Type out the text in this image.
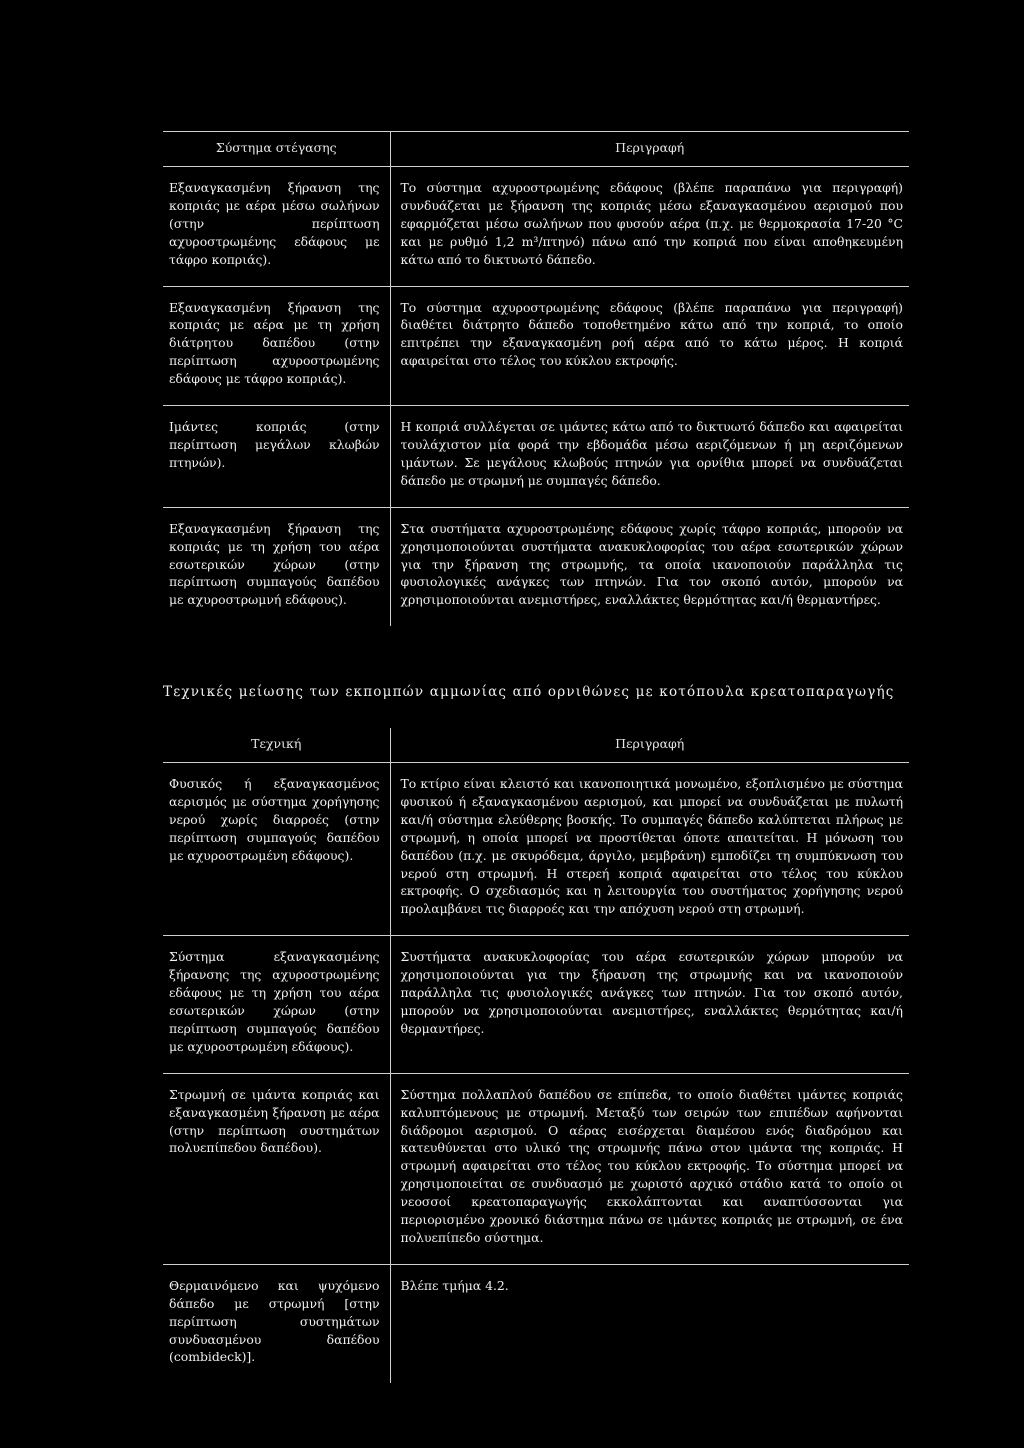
Σύστημα στέγασης	Περιγραφή
Εξαναγκασμένη ξήρανση της κοπριάς με αέρα μέσω σωλήνων (στην περίπτωση αχυροστρωμένης εδάφους με τάφρο κοπριάς).	Το σύστημα αχυροστρωμένης εδάφους (βλέπε παραπάνω για περιγραφή) συνδυάζεται με ξήρανση της κοπριάς μέσω εξαναγκασμένου αερισμού που εφαρμόζεται μέσω σωλήνων που φυσούν αέρα (π.χ. με θερμοκρασία 17-20 °C και με ρυθμό 1,2 m³/πτηνό) πάνω από την κοπριά που είναι αποθηκευμένη κάτω από το δικτυωτό δάπεδο.
Εξαναγκασμένη ξήρανση της κοπριάς με αέρα με τη χρήση διάτρητου δαπέδου (στην περίπτωση αχυροστρωμένης εδάφους με τάφρο κοπριάς).	Το σύστημα αχυροστρωμένης εδάφους (βλέπε παραπάνω για περιγραφή) διαθέτει διάτρητο δάπεδο τοποθετημένο κάτω από την κοπριά, το οποίο επιτρέπει την εξαναγκασμένη ροή αέρα από το κάτω μέρος. Η κοπριά αφαιρείται στο τέλος του κύκλου εκτροφής.
Ιμάντες κοπριάς (στην περίπτωση μεγάλων κλωβών πτηνών).	Η κοπριά συλλέγεται σε ιμάντες κάτω από το δικτυωτό δάπεδο και αφαιρείται τουλάχιστον μία φορά την εβδομάδα μέσω αεριζόμενων ή μη αεριζόμενων ιμάντων. Σε μεγάλους κλωβούς πτηνών για ορνίθια μπορεί να συνδυάζεται δάπεδο με στρωμνή με συμπαγές δάπεδο.
Εξαναγκασμένη ξήρανση της κοπριάς με τη χρήση του αέρα εσωτερικών χώρων (στην περίπτωση συμπαγούς δαπέδου με αχυροστρωμνή εδάφους).	Στα συστήματα αχυροστρωμένης εδάφους χωρίς τάφρο κοπριάς, μπορούν να χρησιμοποιούνται συστήματα ανακυκλοφορίας του αέρα εσωτερικών χώρων για την ξήρανση της στρωμνής, τα οποία ικανοποιούν παράλληλα τις φυσιολογικές ανάγκες των πτηνών. Για τον σκοπό αυτόν, μπορούν να χρησιμοποιούνται ανεμιστήρες, εναλλάκτες θερμότητας και/ή θερμαντήρες.
Τεχνικές μείωσης των εκπομπών αμμωνίας από ορνιθώνες με κοτόπουλα κρεατοπαραγωγής
Τεχνική	Περιγραφή
Φυσικός ή εξαναγκασμένος αερισμός με σύστημα χορήγησης νερού χωρίς διαρροές (στην περίπτωση συμπαγούς δαπέδου με αχυροστρωμένη εδάφους).	Το κτίριο είναι κλειστό και ικανοποιητικά μονωμένο, εξοπλισμένο με σύστημα φυσικού ή εξαναγκασμένου αερισμού, και μπορεί να συνδυάζεται με πυλωτή και/ή σύστημα ελεύθερης βοσκής. Το συμπαγές δάπεδο καλύπτεται πλήρως με στρωμνή, η οποία μπορεί να προστίθεται όποτε απαιτείται. Η μόνωση του δαπέδου (π.χ. με σκυρόδεμα, άργιλο, μεμβράνη) εμποδίζει τη συμπύκνωση του νερού στη στρωμνή. Η στερεή κοπριά αφαιρείται στο τέλος του κύκλου εκτροφής. Ο σχεδιασμός και η λειτουργία του συστήματος χορήγησης νερού προλαμβάνει τις διαρροές και την απόχυση νερού στη στρωμνή.
Σύστημα εξαναγκασμένης ξήρανσης της αχυροστρωμένης εδάφους με τη χρήση του αέρα εσωτερικών χώρων (στην περίπτωση συμπαγούς δαπέδου με αχυροστρωμένη εδάφους).	Συστήματα ανακυκλοφορίας του αέρα εσωτερικών χώρων μπορούν να χρησιμοποιούνται για την ξήρανση της στρωμνής και να ικανοποιούν παράλληλα τις φυσιολογικές ανάγκες των πτηνών. Για τον σκοπό αυτόν, μπορούν να χρησιμοποιούνται ανεμιστήρες, εναλλάκτες θερμότητας και/ή θερμαντήρες.
Στρωμνή σε ιμάντα κοπριάς και εξαναγκασμένη ξήρανση με αέρα (στην περίπτωση συστημάτων πολυεπίπεδου δαπέδου).	Σύστημα πολλαπλού δαπέδου σε επίπεδα, το οποίο διαθέτει ιμάντες κοπριάς καλυπτόμενους με στρωμνή. Μεταξύ των σειρών των επιπέδων αφήνονται διάδρομοι αερισμού. Ο αέρας εισέρχεται διαμέσου ενός διαδρόμου και κατευθύνεται στο υλικό της στρωμνής πάνω στον ιμάντα της κοπριάς. Η στρωμνή αφαιρείται στο τέλος του κύκλου εκτροφής. Το σύστημα μπορεί να χρησιμοποιείται σε συνδυασμό με χωριστό αρχικό στάδιο κατά το οποίο οι νεοσσοί κρεατοπαραγωγής εκκολάπτονται και αναπτύσσονται για περιορισμένο χρονικό διάστημα πάνω σε ιμάντες κοπριάς με στρωμνή, σε ένα πολυεπίπεδο σύστημα.
Θερμαινόμενο και ψυχόμενο δάπεδο με στρωμνή [στην περίπτωση συστημάτων συνδυασμένου δαπέδου (combideck)].	Βλέπε τμήμα 4.2.
